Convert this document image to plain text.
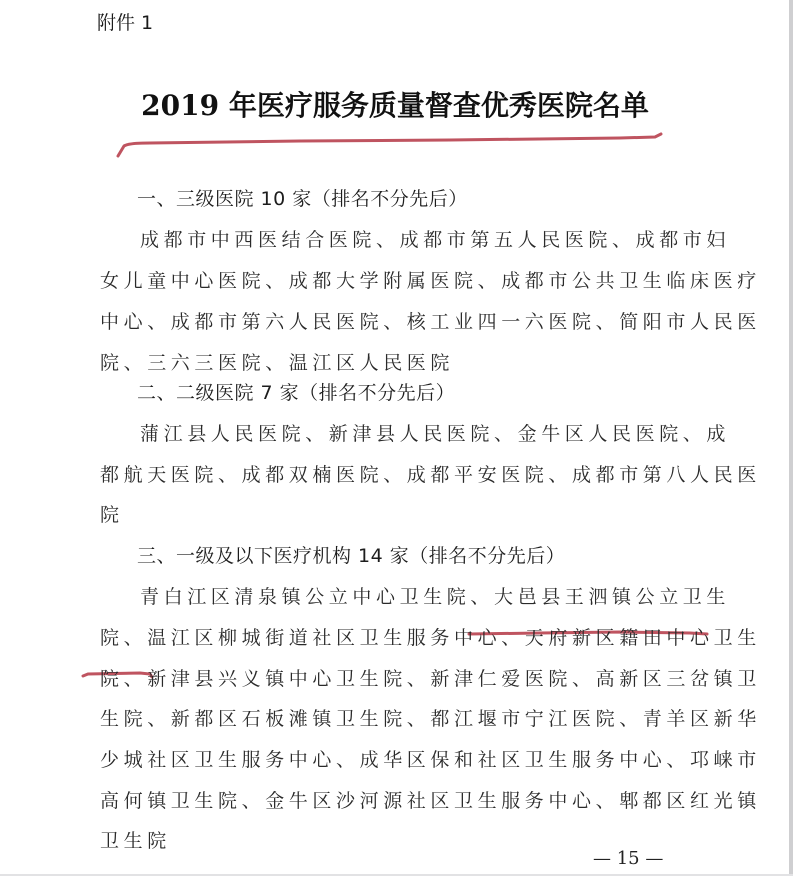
附件 1
2019 年医疗服务质量督查优秀医院名单
一、三级医院 10 家（排名不分先后）
成都市中西医结合医院、成都市第五人民医院、成都市妇
女儿童中心医院、成都大学附属医院、成都市公共卫生临床医疗
中心、成都市第六人民医院、核工业四一六医院、简阳市人民医
院、三六三医院、温江区人民医院
二、二级医院 7 家（排名不分先后）
蒲江县人民医院、新津县人民医院、金牛区人民医院、成
都航天医院、成都双楠医院、成都平安医院、成都市第八人民医
院
三、一级及以下医疗机构 14 家（排名不分先后）
青白江区清泉镇公立中心卫生院、大邑县王泗镇公立卫生
院、温江区柳城街道社区卫生服务中心、天府新区籍田中心卫生
院、新津县兴义镇中心卫生院、新津仁爱医院、高新区三岔镇卫
生院、新都区石板滩镇卫生院、都江堰市宁江医院、青羊区新华
少城社区卫生服务中心、成华区保和社区卫生服务中心、邛崃市
高何镇卫生院、金牛区沙河源社区卫生服务中心、郫都区红光镇
卫生院
— 15 —
